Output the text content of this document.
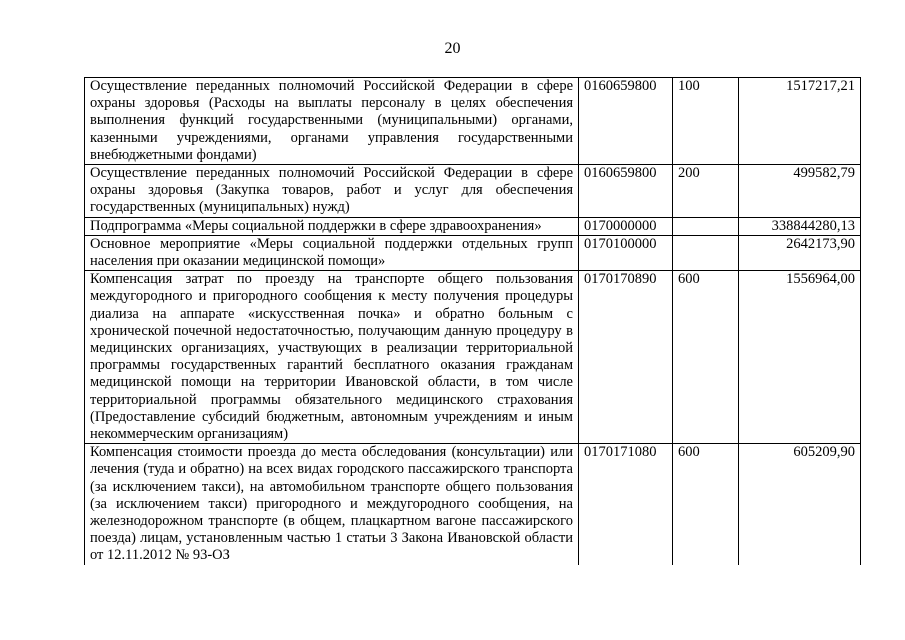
20
Осуществление переданных полномочий Российской Федерации в сфере охраны здоровья (Расходы на выплаты персоналу в целях обеспечения выполнения функций государственными (муниципальными) органами, казенными учреждениями, органами управления государственными внебюджетными фондами)	0160659800	100	1517217,21
Осуществление переданных полномочий Российской Федерации в сфере охраны здоровья (Закупка товаров, работ и услуг для обеспечения государственных (муниципальных) нужд)	0160659800	200	499582,79
Подпрограмма «Меры социальной поддержки в сфере здравоохранения»	0170000000		338844280,13
Основное мероприятие «Меры социальной поддержки отдельных групп населения при оказании медицинской помощи»	0170100000		2642173,90
Компенсация затрат по проезду на транспорте общего пользования междугородного и пригородного сообщения к месту получения процедуры диализа на аппарате «искусственная почка» и обратно больным с хронической почечной недостаточностью, получающим данную процедуру в медицинских организациях, участвующих в реализации территориальной программы государственных гарантий бесплатного оказания гражданам медицинской помощи на территории Ивановской области, в том числе территориальной программы обязательного медицинского страхования (Предоставление субсидий бюджетным, автономным учреждениям и иным некоммерческим организациям)	0170170890	600	1556964,00
Компенсация стоимости проезда до места обследования (консультации) или лечения (туда и обратно) на всех видах городского пассажирского транспорта (за исключением такси), на автомобильном транспорте общего пользования (за исключением такси) пригородного и междугородного сообщения, на железнодорожном транспорте (в общем, плацкартном вагоне пассажирского поезда) лицам, установленным частью 1 статьи 3 Закона Ивановской области от 12.11.2012 № 93-ОЗ	0170171080	600	605209,90
